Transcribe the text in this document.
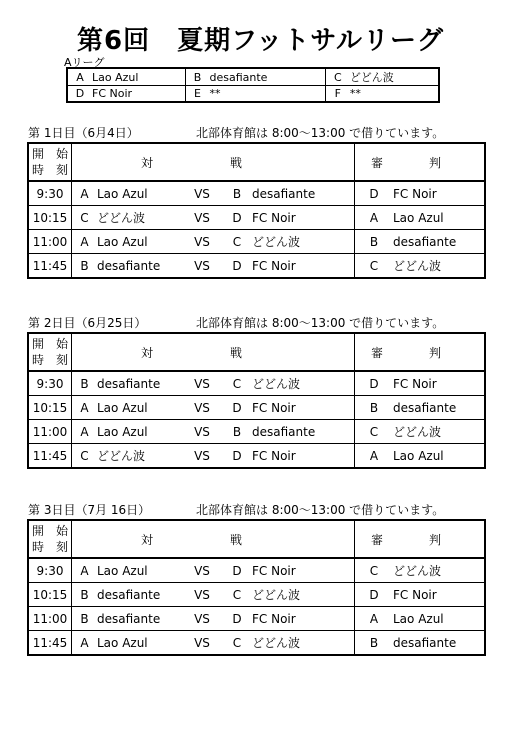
第6回　夏期フットサルリーグ
Aリーグ
A	Lao Azul	B	desafiante	C	どどん波
D	FC Noir	E	**	F	**
第 1日目（6月4日）	北部体育館は 8:00～13:00 で借りています。
開　始
時　刻	対			戦		審 判	
9:30	A	Lao Azul	VS	B	desafiante	D	FC Noir
10:15	C	どどん波	VS	D	FC Noir	A	Lao Azul
11:00	A	Lao Azul	VS	C	どどん波	B	desafiante
11:45	B	desafiante	VS	D	FC Noir	C	どどん波
第 2日目（6月25日）	北部体育館は 8:00～13:00 で借りています。
開　始
時　刻	対			戦		審 判	
9:30	B	desafiante	VS	C	どどん波	D	FC Noir
10:15	A	Lao Azul	VS	D	FC Noir	B	desafiante
11:00	A	Lao Azul	VS	B	desafiante	C	どどん波
11:45	C	どどん波	VS	D	FC Noir	A	Lao Azul
第 3日目（7月 16日）	北部体育館は 8:00～13:00 で借りています。
開　始
時　刻	対			戦		審 判	
9:30	A	Lao Azul	VS	D	FC Noir	C	どどん波
10:15	B	desafiante	VS	C	どどん波	D	FC Noir
11:00	B	desafiante	VS	D	FC Noir	A	Lao Azul
11:45	A	Lao Azul	VS	C	どどん波	B	desafiante
